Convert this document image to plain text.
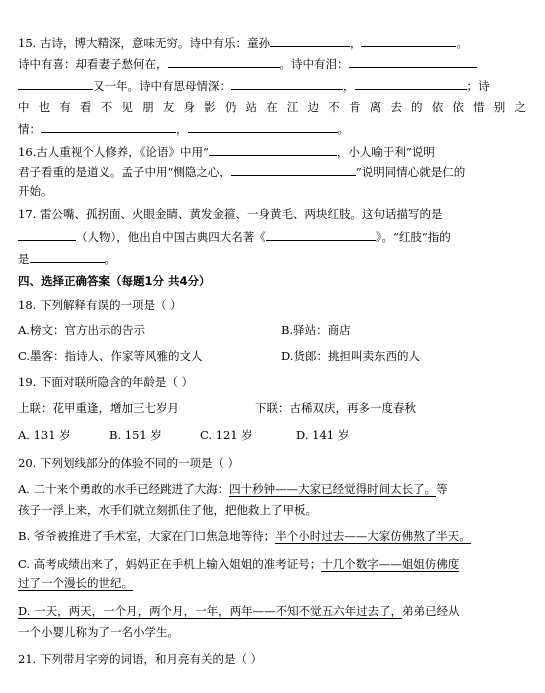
15. 古诗，博大精深，意味无穷。诗中有乐：童孙	，	。
诗中有喜：却看妻子愁何在，	。诗中有泪：
又一年。诗中有思母情深：	，	；诗
中也有看不见朋友身影仍站在江边不肯离去的依依惜别之
情：	，	。
16.古人重视个人修养，《论语》中用“	，小人喻于利”说明
君子看重的是道义。孟子中用“恻隐之心，	”说明同情心就是仁的
开始。
17. 雷公嘴、孤拐面、火眼金睛、黄发金箍、一身黄毛、两块红肢。这句话描写的是
（人物），他出自中国古典四大名著《	》。“红肢”指的
是	。
四、选择正确答案（每题1分 共4分）
18. 下列解释有误的一项是（ ）
A.榜文：官方出示的告示	B.驿站：商店
C.墨客：指诗人、作家等风雅的文人	D.货郎：挑担叫卖东西的人
19. 下面对联所隐含的年龄是（ ）
上联：花甲重逢，增加三七岁月	下联：古稀双庆，再多一度春秋
A. 131 岁	B. 151 岁	C. 121 岁	D. 141 岁
20. 下列划线部分的体验不同的一项是（ ）
A. 二十来个勇敢的水手已经跳进了大海：四十秒钟——大家已经觉得时间太长了。等
孩子一浮上来，水手们就立刻抓住了他，把他救上了甲板。
B. 爷爷被推进了手术室，大家在门口焦急地等待；半个小时过去——大家仿佛熬了半天。
C. 高考成绩出来了，妈妈正在手机上输入姐姐的准考证号；十几个数字——姐姐仿佛度
过了一个漫长的世纪。
D. 一天，两天，一个月，两个月，一年，两年——不知不觉五六年过去了，弟弟已经从
一个小婴儿称为了一名小学生。
21. 下列带月字旁的词语，和月亮有关的是（ ）
